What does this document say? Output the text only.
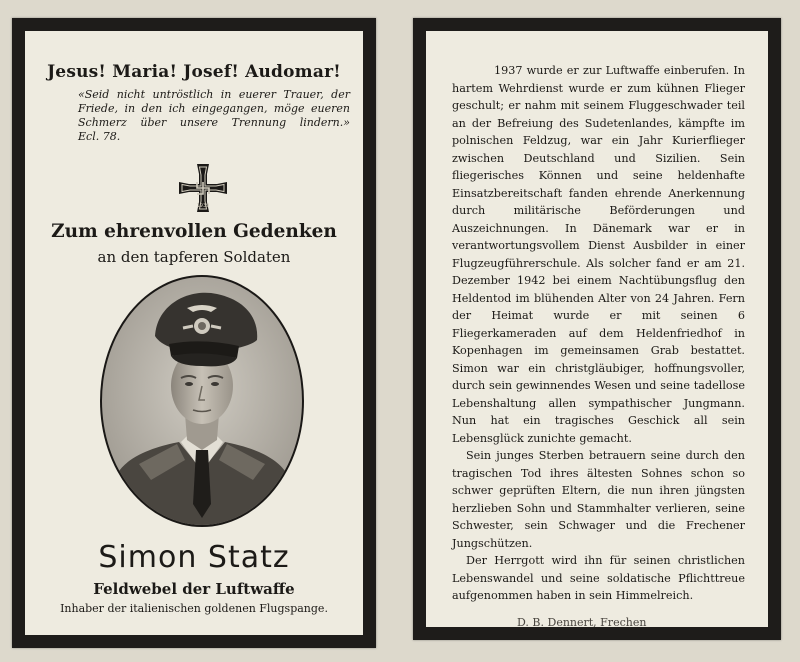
Jesus! Maria! Josef! Audomar!
«Seid nicht untröstlich in euerer Trauer, der Friede, in den ich eingegangen, möge eueren Schmerz über unsere Trennung lindern.» Ecl. 78.
1939
Zum ehrenvollen Gedenken
an den tapferen Soldaten
Simon Statz
Feldwebel der Luftwaffe
Inhaber der italienischen goldenen Flugspange.

1937 wurde er zur Luftwaffe einberufen. In hartem Wehrdienst wurde er zum kühnen Flieger geschult; er nahm mit seinem Fluggeschwader teil an der Befreiung des Sudetenlandes, kämpfte im polnischen Feldzug, war ein Jahr Kurierflieger zwischen Deutschland und Sizilien. Sein fliegerisches Können und seine heldenhafte Einsatzbereitschaft fanden ehrende Anerkennung durch militärische Beförderungen und Auszeichnungen. In Dänemark war er in verantwortungsvollem Dienst Ausbilder in einer Flugzeugführerschule. Als solcher fand er am 21. Dezember 1942 bei einem Nachtübungsflug den Heldentod im blühenden Alter von 24 Jahren. Fern der Heimat wurde er mit seinen 6 Fliegerkameraden auf dem Heldenfriedhof in Kopenhagen im gemeinsamen Grab bestattet. Simon war ein christgläubiger, hoffnungsvoller, durch sein gewinnendes Wesen und seine tadellose Lebenshaltung allen sympathischer Jungmann. Nun hat ein tragisches Geschick all sein Lebensglück zunichte gemacht.

Sein junges Sterben betrauern seine durch den tragischen Tod ihres ältesten Sohnes schon so schwer geprüften Eltern, die nun ihren jüngsten herzlieben Sohn und Stammhalter verlieren, seine Schwester, sein Schwager und die Frechener Jungschützen.

Der Herrgott wird ihn für seinen christlichen Lebenswandel und seine soldatische Pflichttreue aufgenommen haben in sein Himmelreich.

D. B. Dennert, Frechen
